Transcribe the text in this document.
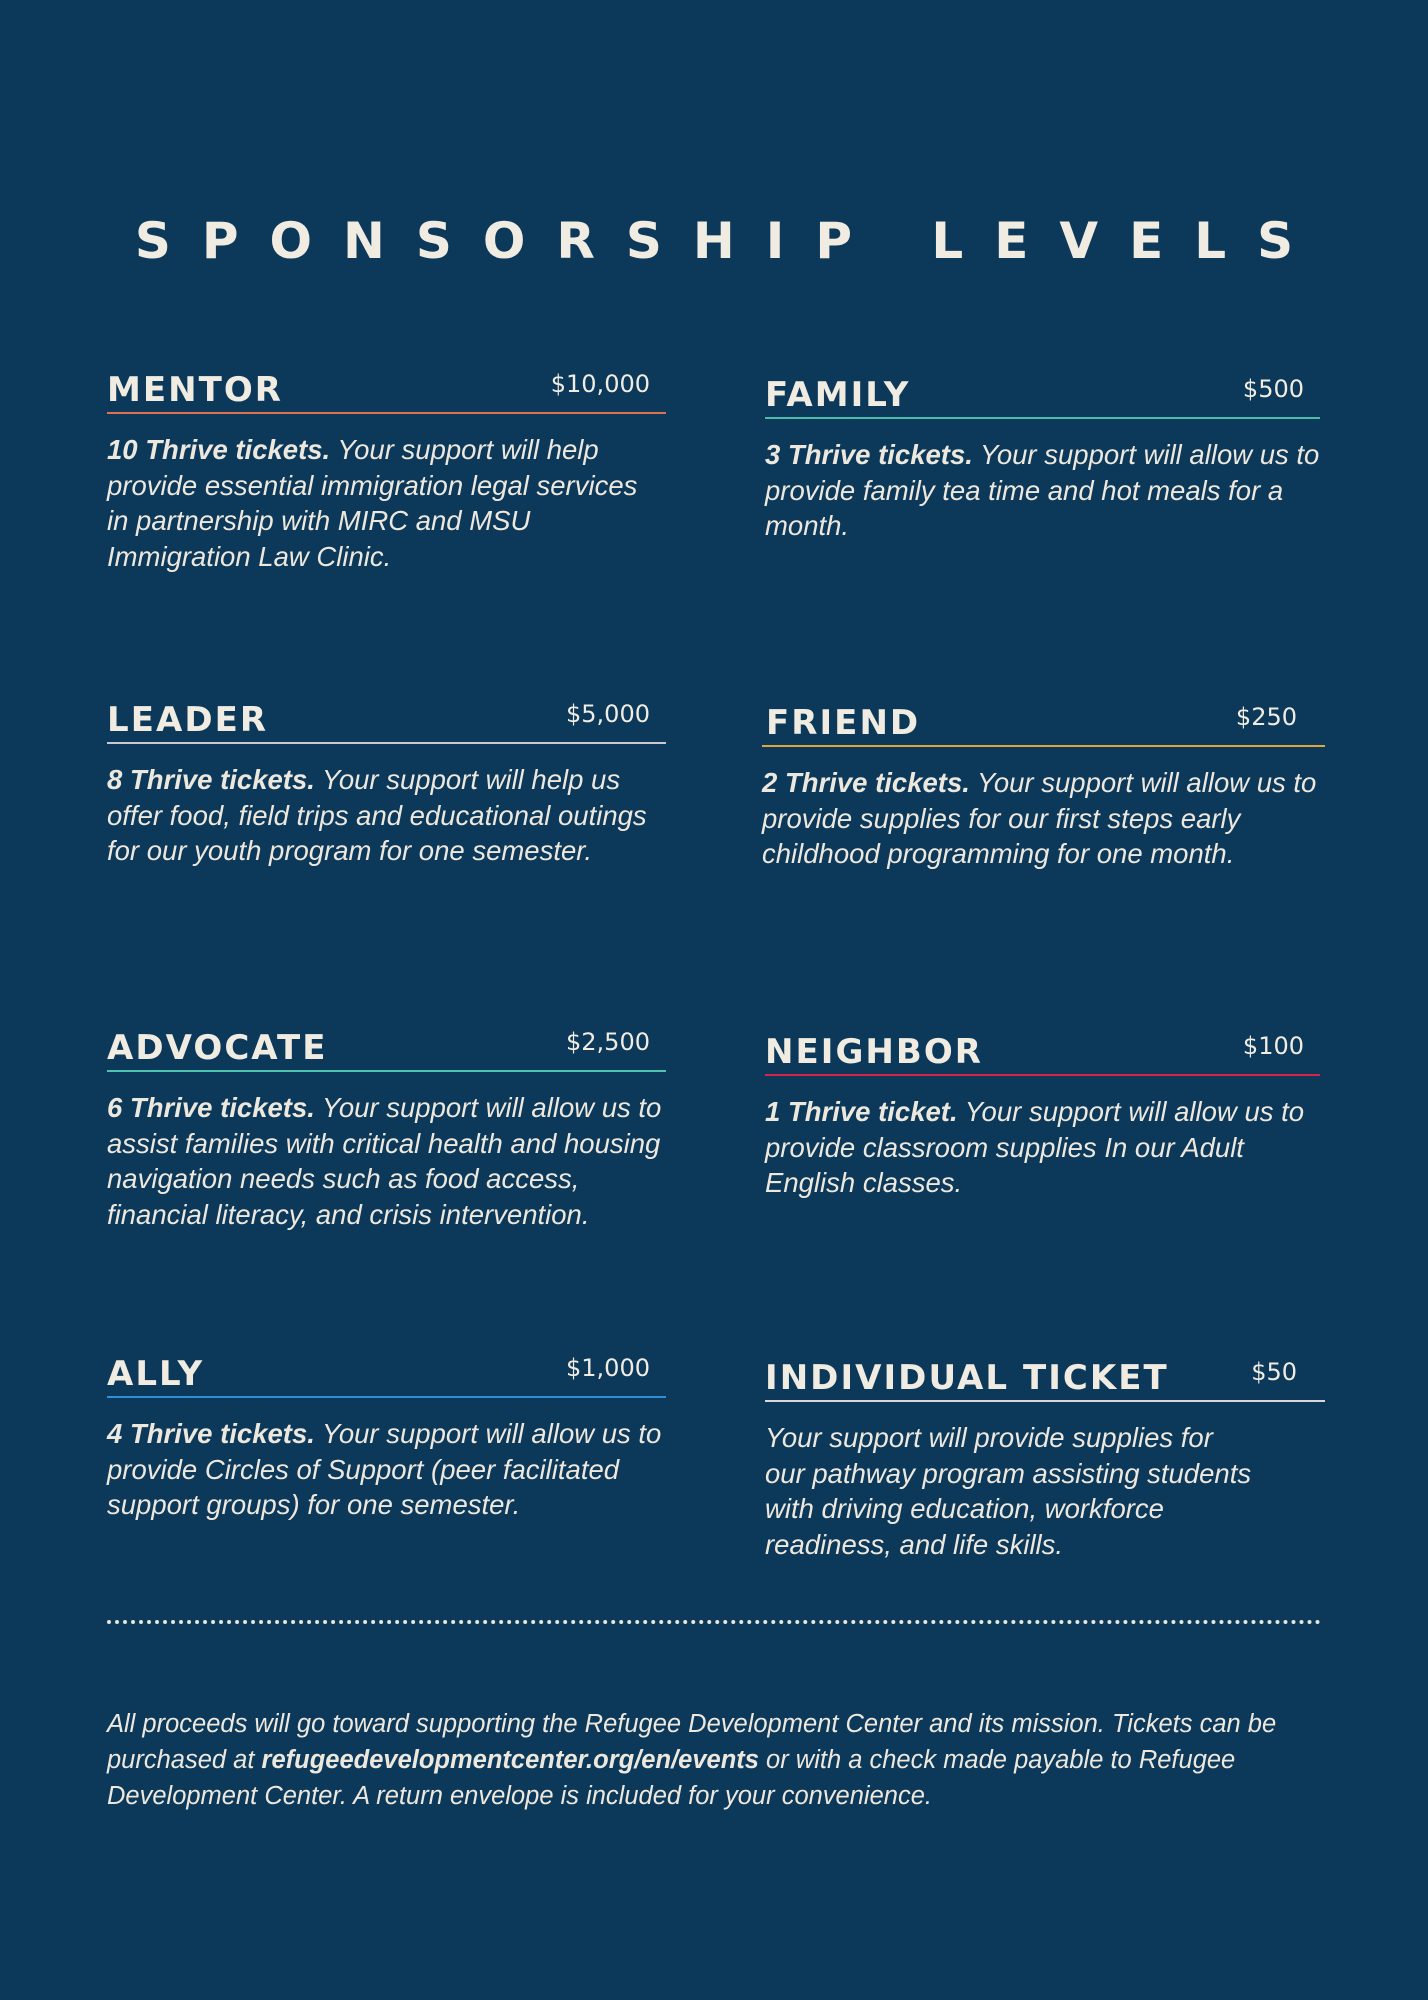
SPONSORSHIP LEVELS
MENTOR	$10,000
10 Thrive tickets. Your support will help provide essential immigration legal services in partnership with MIRC and MSU Immigration Law Clinic.
FAMILY	$500
3 Thrive tickets. Your support will allow us to provide family tea time and hot meals for a month.
LEADER	$5,000
8 Thrive tickets. Your support will help us offer food, field trips and educational outings for our youth program for one semester.
FRIEND	$250
2 Thrive tickets. Your support will allow us to provide supplies for our first steps early childhood programming for one month.
ADVOCATE	$2,500
6 Thrive tickets. Your support will allow us to assist families with critical health and housing navigation needs such as food access, financial literacy, and crisis intervention.
NEIGHBOR	$100
1 Thrive ticket. Your support will allow us to provide classroom supplies In our Adult English classes.
ALLY	$1,000
4 Thrive tickets. Your support will allow us to provide Circles of Support (peer facilitated support groups) for one semester.
INDIVIDUAL TICKET	$50
Your support will provide supplies for our pathway program assisting students with driving education, workforce readiness, and life skills.
All proceeds will go toward supporting the Refugee Development Center and its mission. Tickets can be purchased at refugeedevelopmentcenter.org/en/events or with a check made payable to Refugee Development Center. A return envelope is included for your convenience.
